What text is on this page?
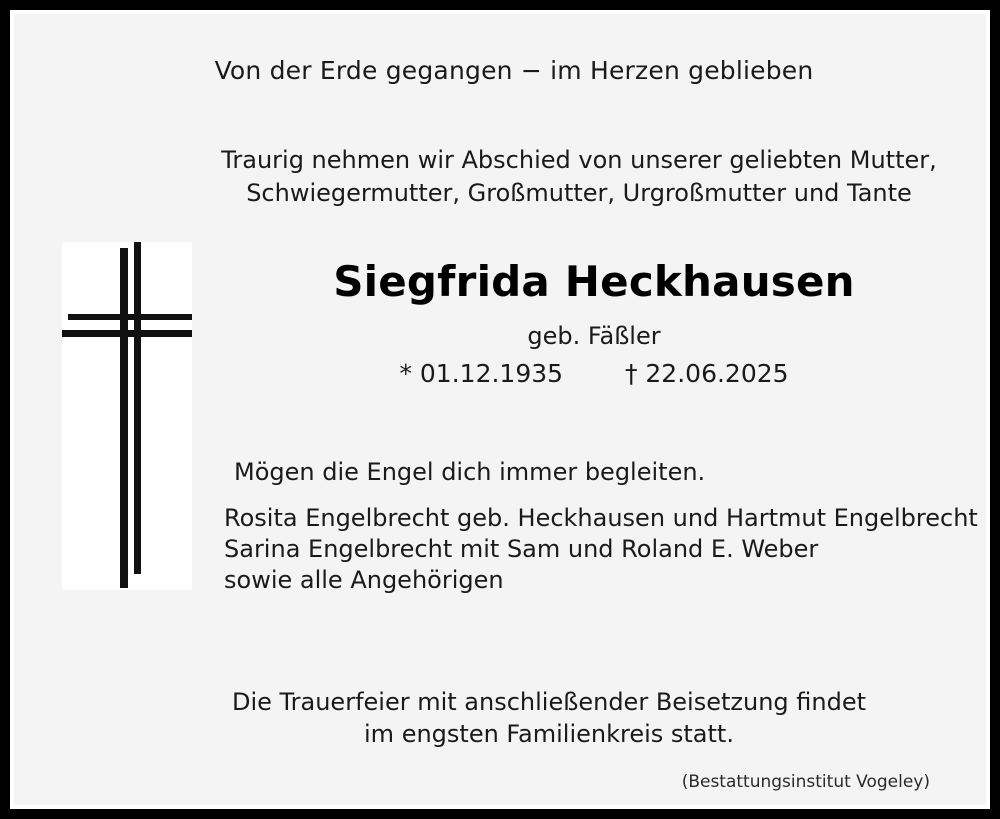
Von der Erde gegangen − im Herzen geblieben
Traurig nehmen wir Abschied von unserer geliebten Mutter,
Schwiegermutter, Großmutter, Urgroßmutter und Tante
Siegfrida Heckhausen
geb. Fäßler
* 01.12.1935 † 22.06.2025
Mögen die Engel dich immer begleiten.
Rosita Engelbrecht geb. Heckhausen und Hartmut Engelbrecht
Sarina Engelbrecht mit Sam und Roland E. Weber
sowie alle Angehörigen
Die Trauerfeier mit anschließender Beisetzung findet
im engsten Familienkreis statt.
(Bestattungsinstitut Vogeley)
